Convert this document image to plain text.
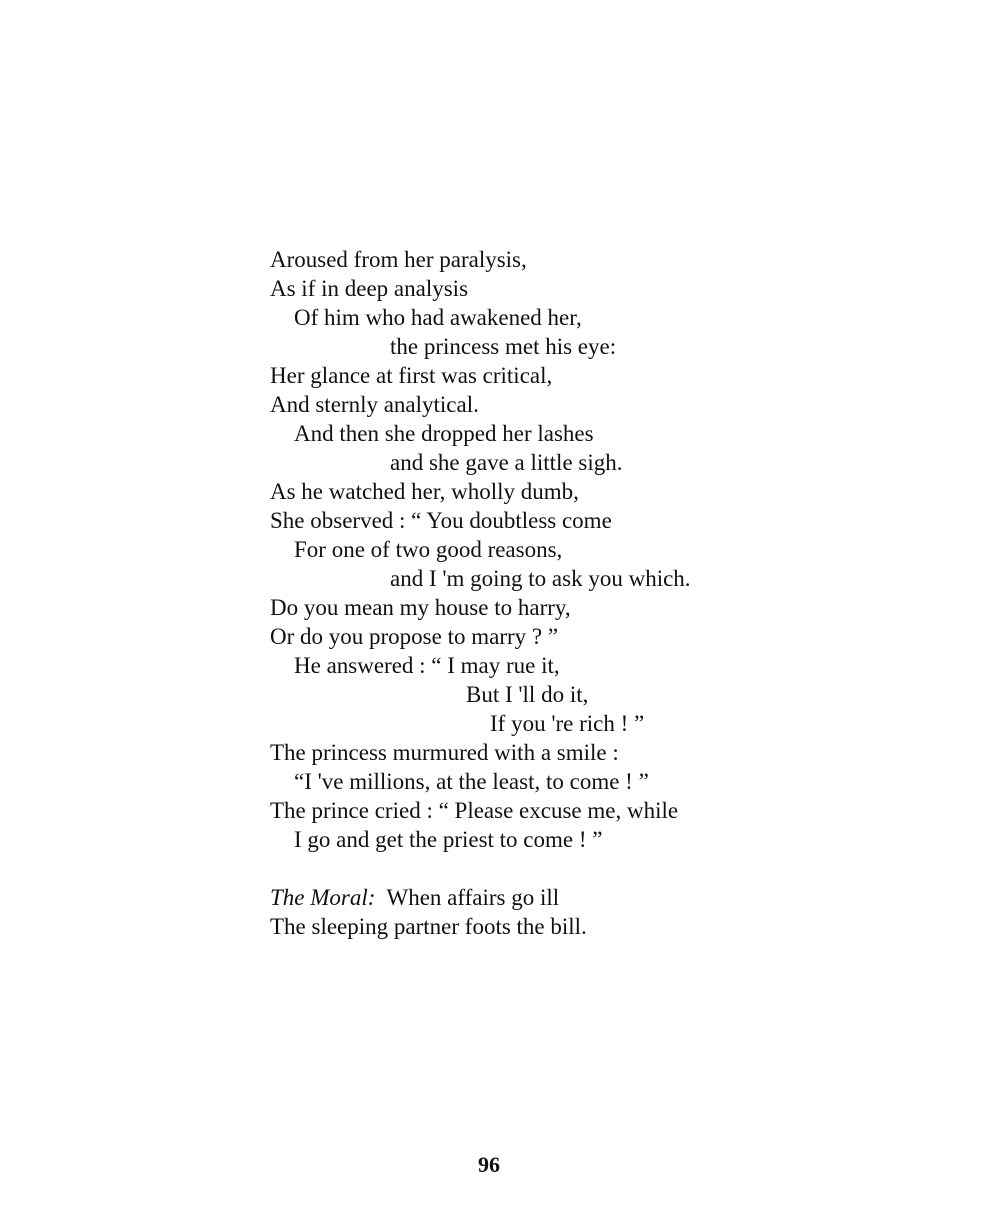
Aroused from her paralysis,
As if in deep analysis
Of him who had awakened her,
the princess met his eye:
Her glance at first was critical,
And sternly analytical.
And then she dropped her lashes
and she gave a little sigh.
As he watched her, wholly dumb,
She observed : “ You doubtless come
For one of two good reasons,
and I 'm going to ask you which.
Do you mean my house to harry,
Or do you propose to marry ? ”
He answered : “ I may rue it,
But I 'll do it,
If you 're rich ! ”
The princess murmured with a smile :
“I 've millions, at the least, to come ! ”
The prince cried : “ Please excuse me, while
I go and get the priest to come ! ”
The Moral: When affairs go ill
The sleeping partner foots the bill.
96
